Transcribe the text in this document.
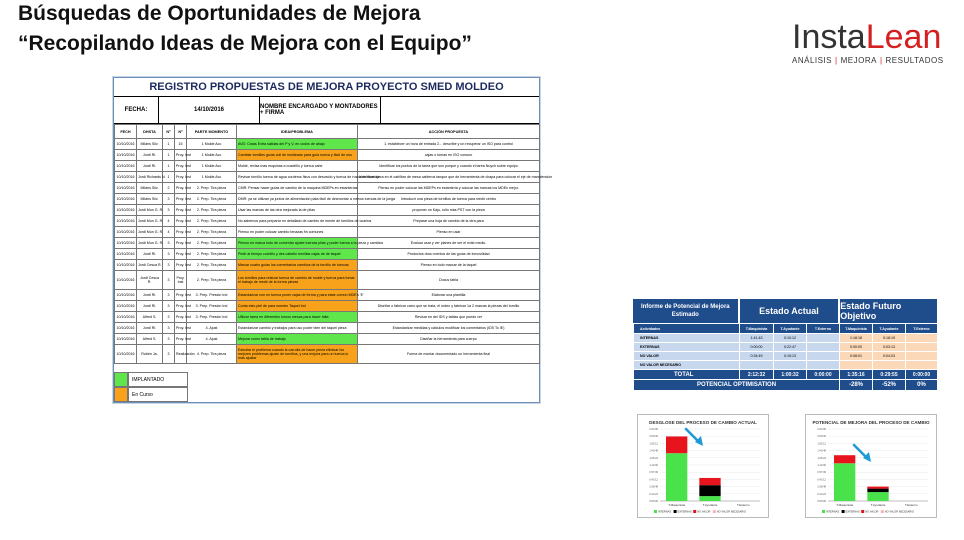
Búsquedas de Oportunidades de Mejora
“Recopilando Ideas de Mejora con el Equipo”	InstaLean
ANÁLISIS | MEJORA | RESULTADOS
REGISTRO PROPUESTAS DE MEJORA PROYECTO SMED MOLDEO
FECHA:	14/10/2016	NOMBRE ENCARGADO Y MONTADORES + FIRMA
FECH	DHSTA	Nº	Nº	PARTE MOMENTO	IDEA/PROBLEMA	ACCIÓN PROPUESTA	
10/10/2016	Miláns Silv.	1	15	1 Molde Acc	AVD: Caras Extra salidas del P y V, en codos de abajo	1. establecer un hora de entrada 2... describe y un recuperar un ISO para control	
10/10/2016	Jordi Ri.	1	Proy. Inst	1 Molde Acc	Cambiar tornillos guías coll de moldeado para guía nueva y fácil de uso	cajas o tornas en ISO corsuro	
10/10/2016	Jordi Ri.	1	Proy. Inst	1 Molde Acc	Molde, revisa mas esquinas a cuadrillo y tuerca cabe	Identificar los puntos de la tarea que son porque y cuando el tarea Nuych sobre equipo	
10/10/2016	Jordi Richards N.	1	Proy. Inst	1 Molde Acc	Revisar tornillo tuerca de agua corderos fisus con desvaído y tuerca de rosca de montaje	Identificar torca en el cabilbar de mesa cableros tanque que de herramienta de chapa para colocar el eje de manutención	
10/10/2016	Miláns Silv.	2	Proy. Inst	2. Prep. Tira pieza	CMR: Pensar hacer guías de cambio de la maquina MDEPs en estanterías	Pienso en poder colocar las MDEPs en estantería y colocar las marcas los MDEs mejor.	
10/10/2016	Miláns Silv.	3	Proy. Inst	2. Prep. Tira pieza	DMR: ya se utilizan ya juntos de alimentación pata fácil de desmontar a menos tuercas de la juega	Introducir una pieza de tornillos de tuerca para medir centro	
10/10/2016	Jordi Mun G. R.	3	Proy. Inst	2. Prep. Tira pieza	Usar las marcas de las otra mejorado la de pilas	proponer un Kaju, rollo más PST con la pieza	
10/10/2016	Jordi Mun G. R.	4	Proy. Inst	2. Prep. Tira pieza	No sabemos para preparar en detallado de cambio de mente de tornillos de cuartos	Preparar una hoja de cambio de la otra para	
10/10/2016	Jordi Mun G. R.	4	Proy. Inst	2. Prep. Tira pieza	Pienso en poder colocar cambio tenazas fin comunes	Pienso en usar	
10/10/2016	Jordi Mun G. R.	3	Proy. Inst	2. Prep. Tira pieza	Pienso en marca todo de comentar ajuste tuercas pilas y poder tuerca a la pieza y cambios	Evaluar usar y ver planes de ser el exist medio.	
10/10/2016	Jordi Ri.	3	Proy. Inst	2. Prep. Tira pieza	Pedir al tiempo cuchillo y des cabello tornillas cajas de de taquel	Productos docu mentos de las guías de inmovilidad	
10/10/2016	Jordi Cesca R.	3	Proy. Inst	2. Prep. Tira pieza	Marcar cuatro guías los comentarios cambios de la tornillo de tuercas	Pienso en todo marcar de la taquel	
10/10/2016	Jordi Cesca R.	3	Proy. Inst	2. Prep. Tira pieza	Los tornillos para realizar tuerca de cambio de molde y tuerca para tomar el trabajo de medir de la forma piezas	Docus tabla	
10/10/2016	Jordi Ri.	3	Proy. Inst	3. Prep. Presión Ind	Estandarizar con en tuerca poner cajas de forma y para estar común MDE's 'E'	Elaborar una plantilla	
10/10/2016	Jordi Ri.	3	Proy. Inst	3. Prep. Presión Ind	Conta esto piel de para nuestro Taquel Ind	Diseñar o fabricar carro que se trata, el orden y fabricar 1a 2 marcas la piezas del tornillo	
10/10/2016	Alfred S.	3	Proy. Inst	3. Prep. Presión Ind	Utilizar tarea en diferentes tornos mesas para hacer falta	Revisar en del IDS y tablas que puedo ver	
10/10/2016	Jordi Ri.	3	Proy. Inst	4. Ajust	Estandarizar cambio y trabajos para uso poder bien del taquel pieza	Estandarizar medidas y cálculos modificar los comentarios (IDS To IE)	
10/10/2016	Alfred S.	3	Proy. Inst	4. Ajust	Mejorar como tabla de trabajo	Diseñar la herramienta para cuerpo	
10/10/2016	Rubén Ja.	3	Realización	4. Prep. Tira pieza	Estudiar el problema cuando la carrulla de hacer pieza eliminar los mejores problemas ajuste de tornillos, y una mejora para un tuerca lo más ajustar	Forma de montar documentado un herramienta final	
IMPLANTADO
En Curso
Informe de Potencial de Mejora Estimado	Estado Actual	Estado Futuro Objetivo
Actividades	T.Maquinista	T.Ayudante	T.Externo	T.Maquinista	T.Ayudante	T.Externo
INTERNAS	1:41:43	0:10:12		1:18:18	0:18:19	
EXTERNAS	0:00:00	0:22:47		0:00:00	0:03:13	
NO VALOR	0:34:49	0:15:13		0:08:01	0:04:03	
NO VALOR NECESARIO						
TOTAL	2:12:32	1:00:32	0:00:00	1:35:16	0:29:55	0:00:00
POTENCIAL OPTIMISATION				-28%	-52%	0%
DESGLOSE DEL PROCESO DE CAMBIO ACTUAL
0:00:00
0:14:24
0:28:48
0:43:12
0:57:36
1:12:00
1:26:24
1:40:48
1:55:12
2:09:36
2:24:00
T.Maquinista	T.Ayudante	T.Externo
INTERNAS EXTERNAS NO VALOR NO VALOR NECESARIO
POTENCIAL DE MEJORA DEL PROCESO DE CAMBIO
0:00:00
0:14:24
0:28:48
0:43:12
0:57:36
1:12:00
1:26:24
1:40:48
1:55:12
2:09:36
2:24:00
T.Maquinista	T.Ayudante	T.Externo
INTERNAS EXTERNAS NO VALOR NO VALOR NECESARIO
